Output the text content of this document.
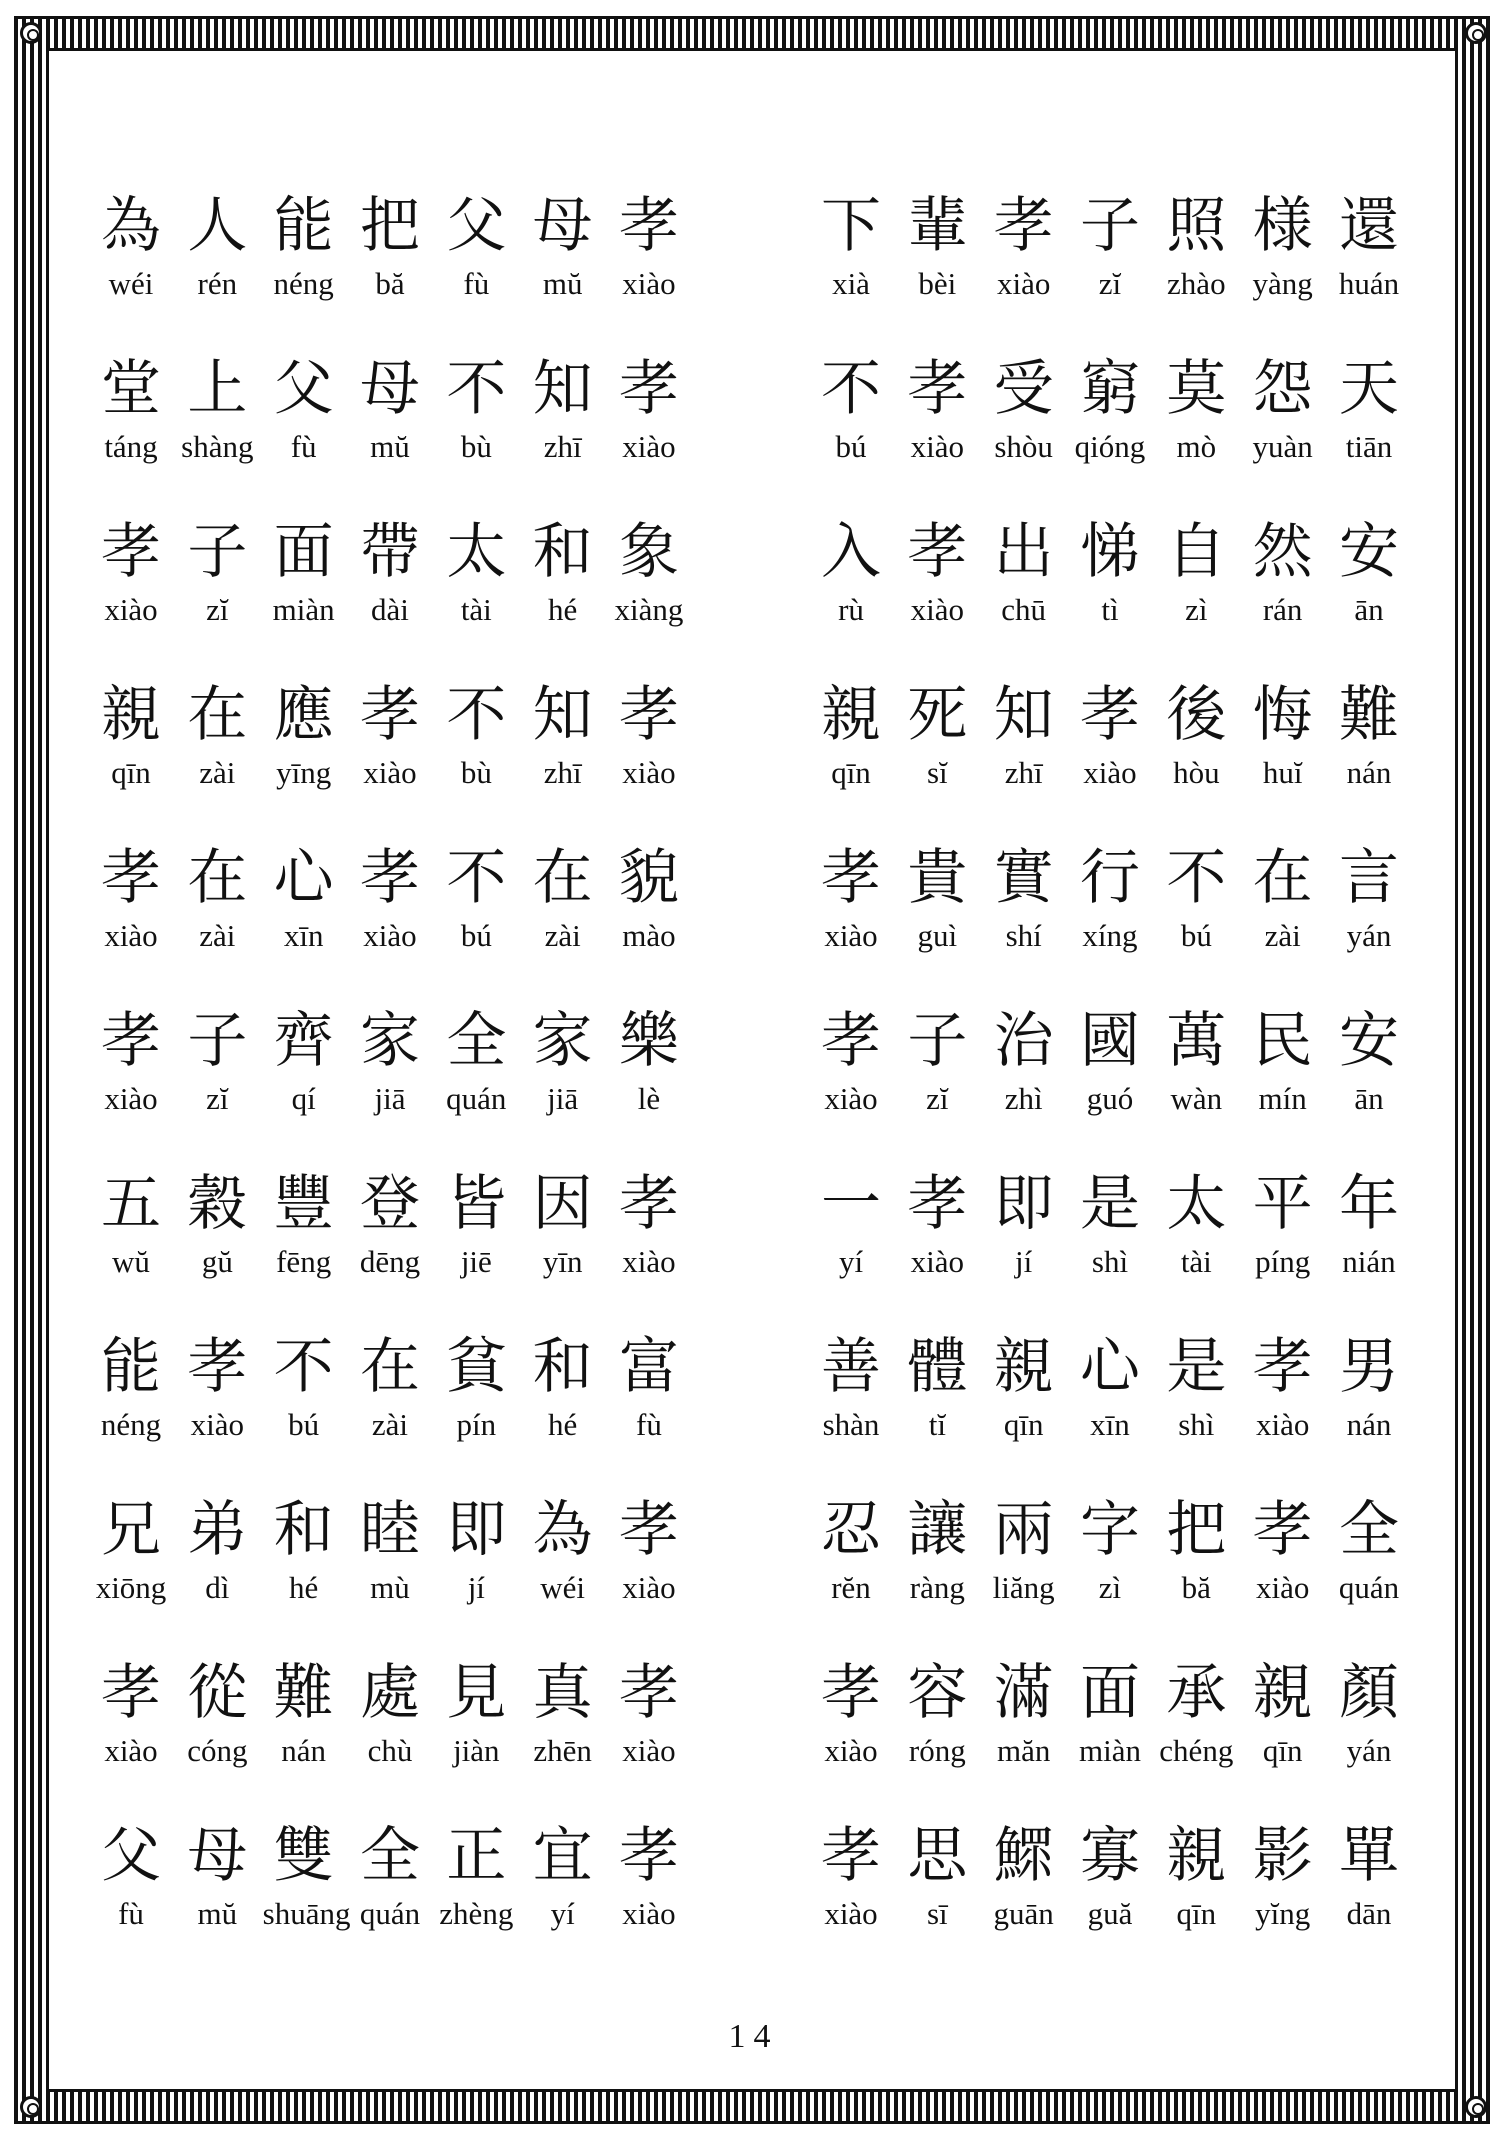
為 人 能 把 父 母 孝
wéi	rén	néng	bă	fù	mŭ	xiào
下 輩 孝 子 照 様 還
xià	bèi	xiào	zĭ	zhào yàng huán
堂 上 父 母 不 知 孝
táng shàng	fù	mŭ	bù	zhī	xiào
不 孝 受 窮 莫 怨 天
bú	xiào shòu qióng	mò	yuàn	tiān
孝 子 面 帶 太 和 象
xiào	zĭ	miàn	dài	tài	hé	xiàng
入 孝 出 悌 自 然 安
rù	xiào	chū	tì	zì	rán	ān
親 在 應 孝 不 知 孝
qīn	zài	yīng	xiào	bù	zhī	xiào
親 死 知 孝 後 悔 難
qīn	sĭ	zhī	xiào	hòu	huĭ	nán
孝 在 心 孝 不 在 貌
xiào	zài	xīn	xiào	bú	zài	mào
孝 貴 實 行 不 在 言
xiào	guì	shí	xíng	bú	zài	yán
孝 子 齊 家 全 家 樂
xiào	zĭ	qí	jiā	quán	jiā	lè
孝 子 治 國 萬 民 安
xiào	zĭ	zhì	guó	wàn	mín	ān
五 穀 豐 登 皆 因 孝
wŭ	gŭ	fēng dēng	jiē	yīn	xiào
一 孝 即 是 太 平 年
yí	xiào	jí	shì	tài	píng	nián
能 孝 不 在 貧 和 富
néng xiào	bú	zài	pín	hé	fù
善 體 親 心 是 孝 男
shàn	tĭ	qīn	xīn	shì	xiào	nán
兄 弟 和 睦 即 為 孝
xiōng	dì	hé	mù	jí	wéi	xiào
忍 讓 兩 字 把 孝 全
rĕn	ràng liăng	zì	bă	xiào quán
孝 從 難 處 見 真 孝
xiào cóng	nán	chù	jiàn	zhēn xiào
孝 容 滿 面 承 親 顏
xiào	róng	măn miàn chéng qīn	yán
父 母 雙 全 正 宜 孝
fù	mŭ shuāng quán zhèng	yí	xiào
孝 思 鰥 寡 親 影 單
xiào	sī	guān	guă	qīn	yĭng	dān
14
